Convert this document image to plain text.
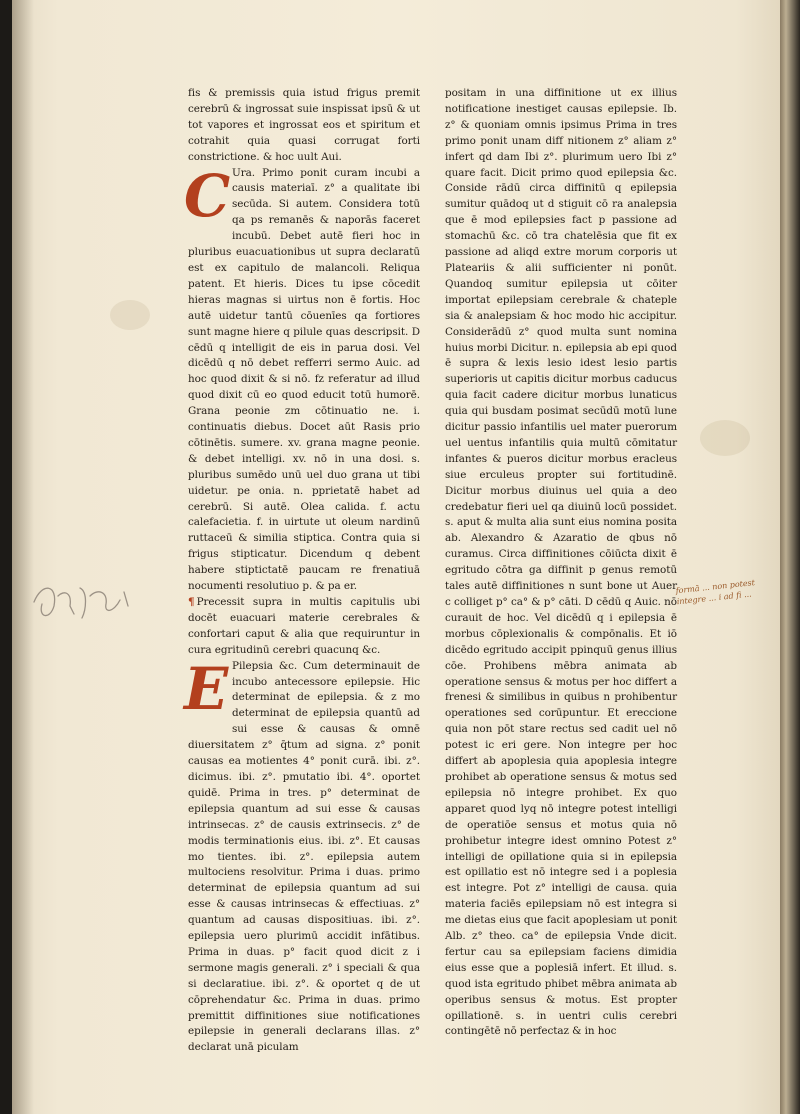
fis & premissis quia istud frigus premit cerebrū & ingrossat suie inspissat ipsū & ut tot vapores et ingrossat eos et spiritum et cotrahit quia quasi corrugat forti constrictione. & hoc uult Aui.

C Ura. Primo ponit curam incubi a causis materiaī. z° a qualitate ibi secūda. Si autem. Considera totū qa ps remanēs & naporās faceret incubū. Debet autē fieri hoc in pluribus euacuationibus ut supra declaratū est ex capitulo de malancoli. Reliqua patent. Et hieris. Dices tu ipse cōcedit hieras magnas si uirtus non ē fortis. Hoc autē uidetur tantū cōuenīes qa fortiores sunt magne hiere q pilule quas descripsit. D cēdū q intelligit de eis in parua dosi. Vel dicēdū q nō debet refferri sermo Auic. ad hoc quod dixit & si nō. fz referatur ad illud quod dixit cū eo quod educit totū humorē. Grana peonie zm cōtinuatio ne. i. continuatis diebus. Docet aūt Rasis prio cōtinētis. sumere. xv. grana magne peonie. & debet intelligi. xv. nō in una dosi. s. pluribus sumēdo unū uel duo grana ut tibi uidetur. pe onia. n. pprietatē habet ad cerebrū. Si autē. Olea calida. f. actu calefacietia. f. in uirtute ut oleum nardinū ruttaceū & similia stiptica. Contra quia si frigus stipticatur. Dicendum q debent habere stiptictatē paucam re frenatiuā nocumenti resolutiuo p. & pa er.

¶ Precessit supra in multis capitulis ubi docēt euacuari materie cerebrales & confortari caput & alia que requiruntur in cura egritudinū cerebri quacunq &c.

E Pilepsia &c. Cum determinauit de incubo antecessore epilepsie. Hic determinat de epilepsia. & z mo determinat de epilepsia quantū ad sui esse & causas & omnē diuersitatem z° q̄tum ad signa. z° ponit causas ea motientes 4° ponit curā. ibi. z°. dicimus. ibi. z°. pmutatio ibi. 4°. oportet quidē. Prima in tres. p° determinat de epilepsia quantum ad sui esse & causas intrinsecas. z° de causis extrinsecis. z° de modis terminationis eius. ibi. z°. Et causas mo tientes. ibi. z°. epilepsia autem multociens resolvitur. Prima i duas. primo determinat de epilepsia quantum ad sui esse & causas intrinsecas & effectiuas. z° quantum ad causas dispositiuas. ibi. z°. epilepsia uero plurimū accidit infātibus. Prima in duas. p° facit quod dicit z i sermone magis generali. z° i speciali & qua si declaratiue. ibi. z°. & oportet q de ut cōprehendatur &c. Prima in duas. primo premittit diffinitiones siue notificationes epilepsie in generali declarans illas. z° declarat unā piculam

positam in una diffinitione ut ex illius notificatione inestiget causas epilepsie. Ib. z° & quoniam omnis ipsimus Prima in tres primo ponit unam diff nitionem z° aliam z° infert qd dam Ibi z°. plurimum uero Ibi z° quare facit. Dicit primo quod epilepsia &c. Conside rādū circa diffinitū q epilepsia sumitur quādoq ut d stiguit cō ra analepsia que ē mod epilepsies fact p passione ad stomachū &c. cō tra chatelēsia que fit ex passione ad aliqd extre morum corporis ut Plateariis & alii sufficienter ni ponūt. Quandoq sumitur epilepsia ut cōiter importat epilepsiam cerebrale & chateple sia & analepsiam & hoc modo hic accipitur. Considerādū z° quod multa sunt nomina huius morbi Dicitur. n. epilepsia ab epi quod ē supra & lexis lesio idest lesio partis superioris ut capitis dicitur morbus caducus quia facit cadere dicitur morbus lunaticus quia qui busdam posimat secūdū motū lune dicitur passio infantilis uel mater puerorum uel uentus infantilis quia multū cōmitatur infantes & pueros dicitur morbus eracleus siue erculeus propter sui fortitudinē. Dicitur morbus diuinus uel quia a deo credebatur fieri uel qa diuinū locū possidet. s. aput & multa alia sunt eius nomina posita ab. Alexandro & Azaratio de qbus nō curamus. Circa diffinitiones cōiūcta dixit ē egritudo cōtra ga diffinit p genus remotū tales autē diffinitiones n sunt bone ut Auer c colliget p° ca° & p° cāti. D cēdū q Auic. nō curauit de hoc. Vel dicēdū q i epilepsia ē morbus cōplexionalis & compōnalis. Et iō dicēdo egritudo accipit ppinquū genus illius cōe. Prohibens mēbra animata ab operatione sensus & motus per hoc differt a frenesi & similibus in quibus n prohibentur operationes sed corūpuntur. Et ereccione quia non pōt stare rectus sed cadit uel nō potest ic eri gere. Non integre per hoc differt ab apoplesia quia apoplesia integre prohibet ab operatione sensus & motus sed epilepsia nō integre prohibet. Ex quo apparet quod lyq nō integre potest intelligi de operatiōe sensus et motus quia nō prohibetur integre idest omnino Potest z° intelligi de opillatione quia si in epilepsia est opillatio est nō integre sed i a poplesia est integre. Pot z° intelligi de causa. quia materia faciēs epilepsiam nō est integra si me dietas eius que facit apoplesiam ut ponit Alb. z° theo. ca° de epilepsia Vnde dicit. fertur cau sa epilepsiam faciens dimidia eius esse que a poplesiā infert. Et illud. s. quod ista egritudo phibet mēbra animata ab operibus sensus & motus. Est propter opillationē. s. in uentri culis cerebri contingētē nō perfectaz & in hoc

formā ... non potest integre ... i ad fi ...
